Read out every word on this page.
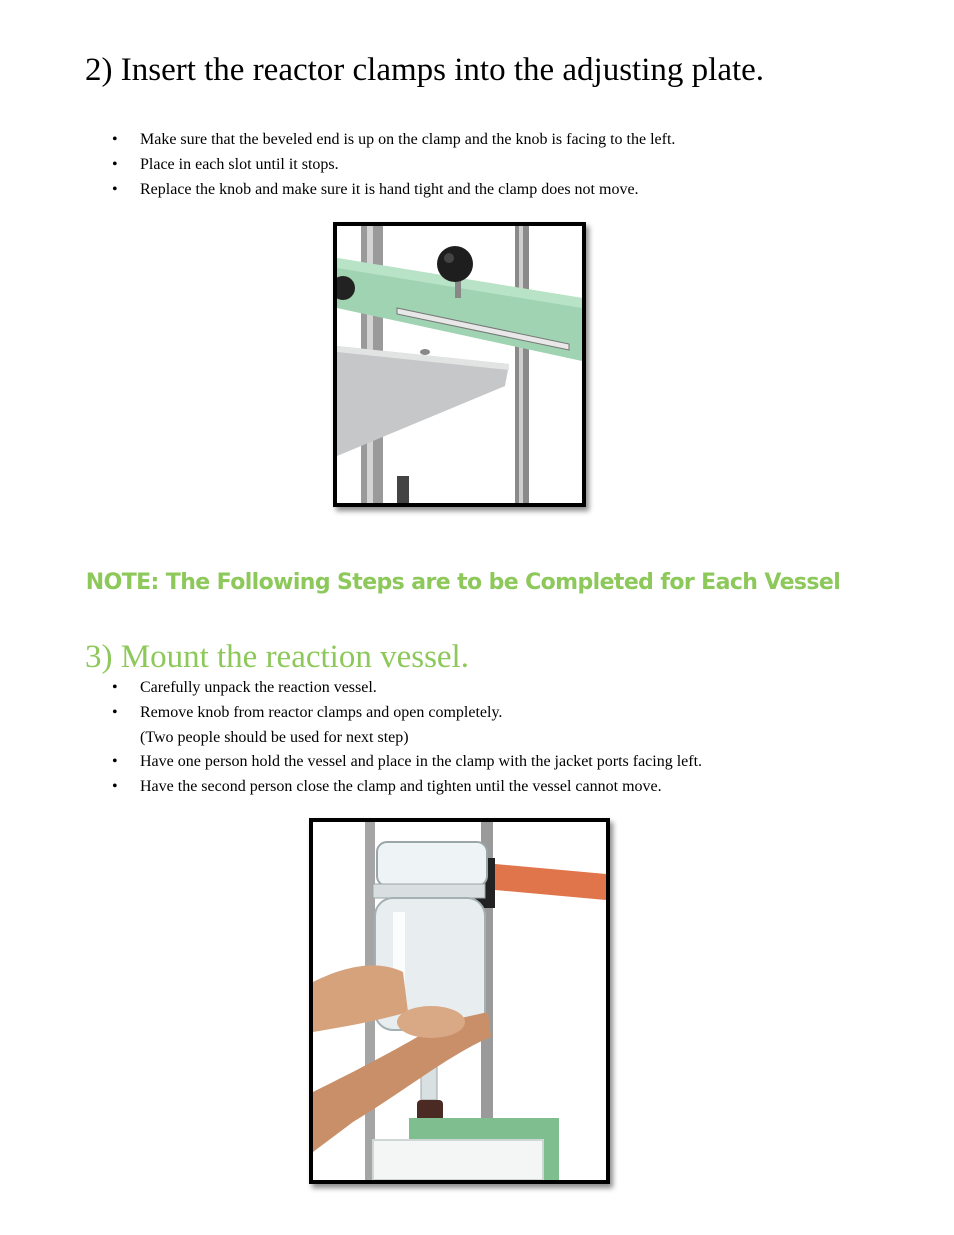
2) Insert the reactor clamps into the adjusting plate.
• Make sure that the beveled end is up on the clamp and the knob is facing to the left.
• Place in each slot until it stops.
• Replace the knob and make sure it is hand tight and the clamp does not move.
NOTE: The Following Steps are to be Completed for Each Vessel
3) Mount the reaction vessel.
• Carefully unpack the reaction vessel.
• Remove knob from reactor clamps and open completely.
(Two people should be used for next step)
• Have one person hold the vessel and place in the clamp with the jacket ports facing left.
• Have the second person close the clamp and tighten until the vessel cannot move.
